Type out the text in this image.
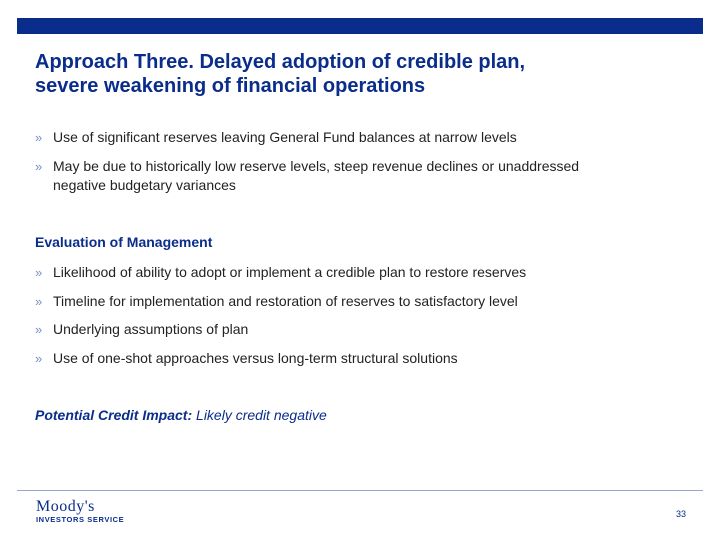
Approach Three. Delayed adoption of credible plan,
severe weakening of financial operations
» Use of significant reserves leaving General Fund balances at narrow levels
» May be due to historically low reserve levels, steep revenue declines or unaddressed
negative budgetary variances
Evaluation of Management
» Likelihood of ability to adopt or implement a credible plan to restore reserves
» Timeline for implementation and restoration of reserves to satisfactory level
» Underlying assumptions of plan
» Use of one-shot approaches versus long-term structural solutions
Potential Credit Impact: Likely credit negative
Moody's
INVESTORS SERVICE
33
